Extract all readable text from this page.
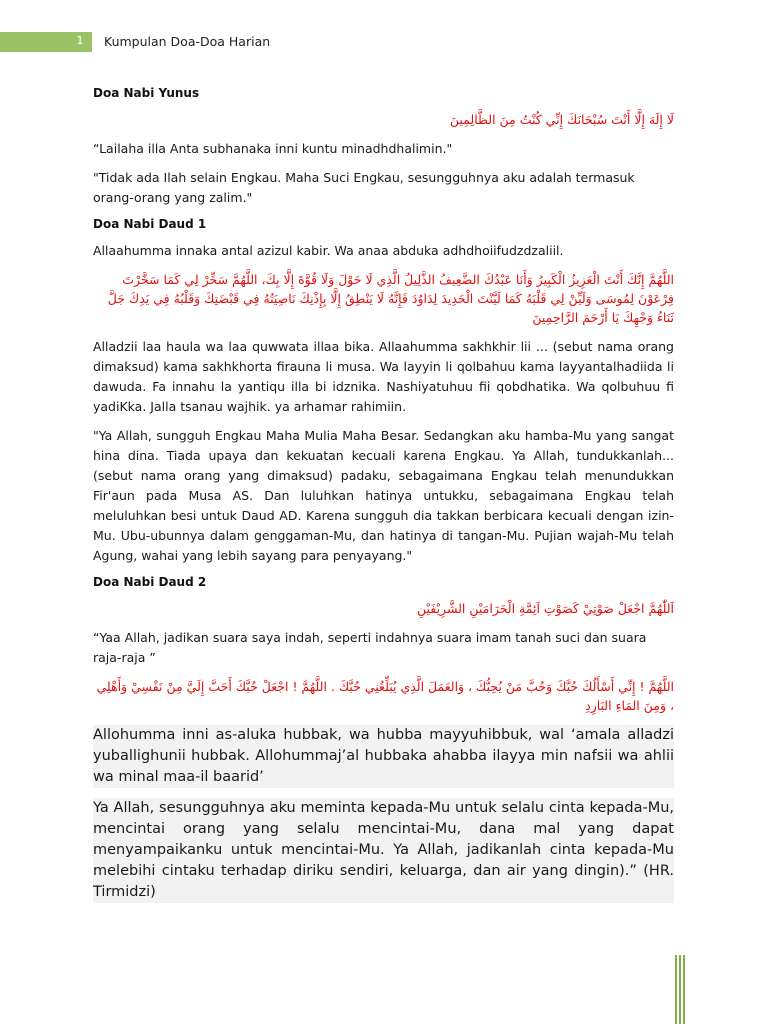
1	Kumpulan Doa-Doa Harian
Doa Nabi Yunus

لَا إِلَهَ إِلَّا أَنْتَ سُبْحَانَكَ إِنِّي كُنْتُ مِنَ الظَّالِمِينَ

“Lailaha illa Anta subhanaka inni kuntu minadhdhalimin."

"Tidak ada Ilah selain Engkau. Maha Suci Engkau, sesungguhnya aku adalah termasuk orang-orang yang zalim."

Doa Nabi Daud 1

Allaahumma innaka antal azizul kabir. Wa anaa abduka adhdhoiifudzdzaliil.

اللَّهُمَّ إِنَّكَ أَنْتَ الْعَزِيزُ الْكَبِيرُ وَأَنَا عَبْدُكَ الضَّعِيفُ الذَّلِيلُ الَّذِي لَا حَوْلَ وَلَا قُوَّةَ إِلَّا بِكَ، اللَّهُمَّ سَخِّرْ لِي كَمَا سَخَّرْتَ فِرْعَوْنَ لِمُوسَى وَلَيِّنْ لِي قَلْبَهُ كَمَا لَيَّنْتَ الْحَدِيدَ لِدَاوُدَ فَإِنَّهُ لَا يَنْطِقُ إِلَّا بِإِذْنِكَ نَاصِيَتُهُ فِي قَبْضَتِكَ وَقَلْبُهُ فِي يَدِكَ جَلَّ ثَنَاءُ وَجْهِكَ يَا أَرْحَمَ الرَّاحِمِينَ

Alladzii laa haula wa laa quwwata illaa bika. Allaahumma sakhkhir lii ... (sebut nama orang dimaksud) kama sakhkhorta firauna li musa. Wa layyin li qolbahuu kama layyantalhadiida li dawuda. Fa innahu la yantiqu illa bi idznika. Nashiyatuhuu fii qobdhatika. Wa qolbuhuu fi yadiKka. Jalla tsanau wajhik. ya arhamar rahimiin.

"Ya Allah, sungguh Engkau Maha Mulia Maha Besar. Sedangkan aku hamba-Mu yang sangat hina dina. Tiada upaya dan kekuatan kecuali karena Engkau. Ya Allah, tundukkanlah... (sebut nama orang yang dimaksud) padaku, sebagaimana Engkau telah menundukkan Fir'aun pada Musa AS. Dan luluhkan hatinya untukku, sebagaimana Engkau telah meluluhkan besi untuk Daud AD. Karena sungguh dia takkan berbicara kecuali dengan izin-Mu. Ubu-ubunnya dalam genggaman-Mu, dan hatinya di tangan-Mu. Pujian wajah-Mu telah Agung, wahai yang lebih sayang para penyayang."

Doa Nabi Daud 2

اَللّٰهُمَّ اجْعَلْ صَوْتِيْ كَصَوْتِ اَئِمَّةِ الْحَرَامَيْنِ الشَّرِيْفَيْنِ

“Yaa Allah, jadikan suara saya indah, seperti indahnya suara imam tanah suci dan suara raja-raja ”

اللَّهُمَّ ! إِنِّي أَسْأَلُكَ حُبَّكَ وَحُبَّ مَنْ يُحِبُّكَ ، وَالعَمَلَ الَّذِي يُبَلِّغُنِي حُبَّكَ . اللَّهُمَّ ! اجْعَلْ حُبَّكَ أَحَبَّ إِلَيَّ مِنْ نَفْسِيْ وَأَهْلِي ، وَمِنَ المَاءِ البَارِدِ

Allohumma inni as-aluka hubbak, wa hubba mayyuhibbuk, wal ‘amala alladzi yuballighunii hubbak. Allohummaj’al hubbaka ahabba ilayya min nafsii wa ahlii wa minal maa-il baarid’

Ya Allah, sesungguhnya aku meminta kepada-Mu untuk selalu cinta kepada-Mu, mencintai orang yang selalu mencintai-Mu, dana mal yang dapat menyampaikanku untuk mencintai-Mu. Ya Allah, jadikanlah cinta kepada-Mu melebihi cintaku terhadap diriku sendiri, keluarga, dan air yang dingin).” (HR. Tirmidzi)
